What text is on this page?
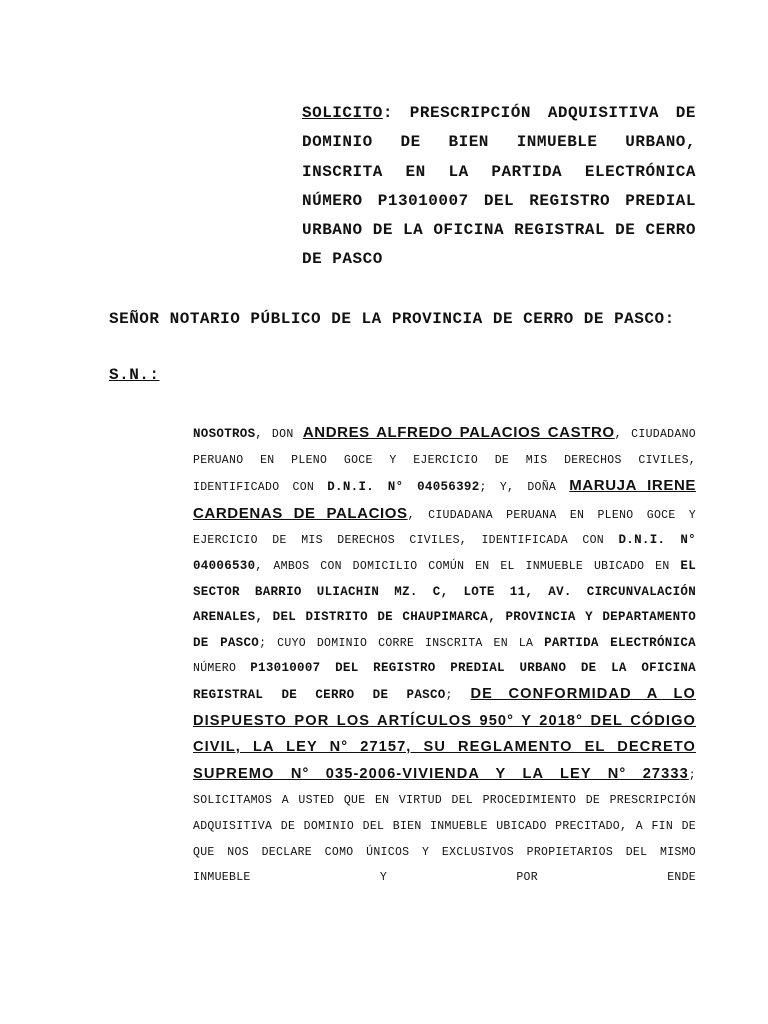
SOLICITO: PRESCRIPCIÓN ADQUISITIVA DE DOMINIO DE BIEN INMUEBLE URBANO, INSCRITA EN LA PARTIDA ELECTRÓNICA NÚMERO P13010007 DEL REGISTRO PREDIAL URBANO DE LA OFICINA REGISTRAL DE CERRO DE PASCO
SEÑOR NOTARIO PÚBLICO DE LA PROVINCIA DE CERRO DE PASCO:
S.N.:
NOSOTROS, DON ANDRES ALFREDO PALACIOS CASTRO, CIUDADANO PERUANO EN PLENO GOCE Y EJERCICIO DE MIS DERECHOS CIVILES, IDENTIFICADO CON D.N.I. N° 04056392; Y, DOÑA MARUJA IRENE CARDENAS DE PALACIOS, CIUDADANA PERUANA EN PLENO GOCE Y EJERCICIO DE MIS DERECHOS CIVILES, IDENTIFICADA CON D.N.I. N° 04006530, AMBOS CON DOMICILIO COMÚN EN EL INMUEBLE UBICADO EN EL SECTOR BARRIO ULIACHIN MZ. C, LOTE 11, AV. CIRCUNVALACIÓN ARENALES, DEL DISTRITO DE CHAUPIMARCA, PROVINCIA Y DEPARTAMENTO DE PASCO; CUYO DOMINIO CORRE INSCRITA EN LA PARTIDA ELECTRÓNICA NÚMERO P13010007 DEL REGISTRO PREDIAL URBANO DE LA OFICINA REGISTRAL DE CERRO DE PASCO; DE CONFORMIDAD A LO DISPUESTO POR LOS ARTÍCULOS 950° Y 2018° DEL CÓDIGO CIVIL, LA LEY N° 27157, SU REGLAMENTO EL DECRETO SUPREMO N° 035-2006-VIVIENDA Y LA LEY N° 27333; SOLICITAMOS A USTED QUE EN VIRTUD DEL PROCEDIMIENTO DE PRESCRIPCIÓN ADQUISITIVA DE DOMINIO DEL BIEN INMUEBLE UBICADO PRECITADO, A FIN DE QUE NOS DECLARE COMO ÚNICOS Y EXCLUSIVOS PROPIETARIOS DEL MISMO INMUEBLE Y POR ENDE
